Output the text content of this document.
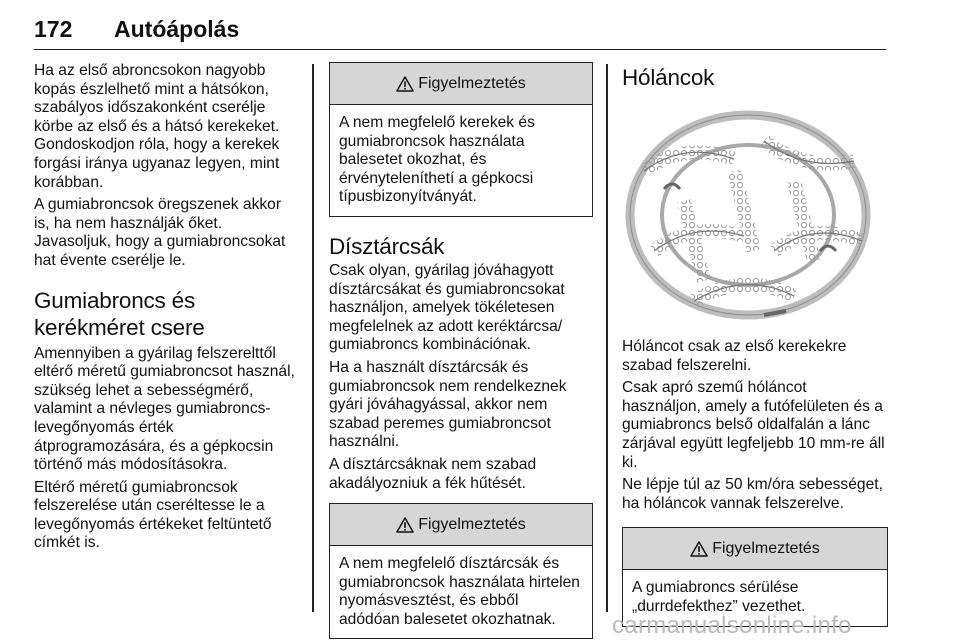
172 Autóápolás

Ha az első abroncsokon nagyobb kopás észlelhető mint a hátsókon, szabályos időszakonként cserélje körbe az első és a hátsó kerekeket. Gondoskodjon róla, hogy a kerekek forgási iránya ugyanaz legyen, mint korábban.

A gumiabroncsok öregszenek akkor is, ha nem használják őket. Javasoljuk, hogy a gumiabroncsokat hat évente cserélje le.

Gumiabroncs és kerékméret csere

Amennyiben a gyárilag felszerelttől eltérő méretű gumiabroncsot használ, szükség lehet a sebességmérő, valamint a névleges gumiabroncs-levegőnyomás érték átprogramozására, és a gépkocsin történő más módosításokra.

Eltérő méretű gumiabroncsok felszerelése után cseréltesse le a levegőnyomás értékeket feltüntető címkét is.

Figyelmeztetés

A nem megfelelő kerekek és gumiabroncsok használata balesetet okozhat, és érvényteleníthetí a gépkocsi típusbizonyítványát.

Dísztárcsák

Csak olyan, gyárilag jóváhagyott dísztárcsákat és gumiabroncsokat használjon, amelyek tökéletesen megfelelnek az adott keréktárcsa/ gumiabroncs kombinációnak.

Ha a használt dísztárcsák és gumiabroncsok nem rendelkeznek gyári jóváhagyással, akkor nem szabad peremes gumiabroncsot használni.

A dísztárcsáknak nem szabad akadályozniuk a fék hűtését.

Figyelmeztetés

A nem megfelelő dísztárcsák és gumiabroncsok használata hirtelen nyomásvesztést, és ebből adódóan balesetet okozhatnak.

Hóláncok

Hóláncot csak az első kerekekre szabad felszerelni.

Csak apró szemű hóláncot használjon, amely a futófelületen és a gumiabroncs belső oldalfalán a lánc zárjával együtt legfeljebb 10 mm-re áll ki.

Ne lépje túl az 50 km/óra sebességet, ha hóláncok vannak felszerelve.

Figyelmeztetés

A gumiabroncs sérülése „durrdefekthez” vezethet.

carmanualsonline.info
